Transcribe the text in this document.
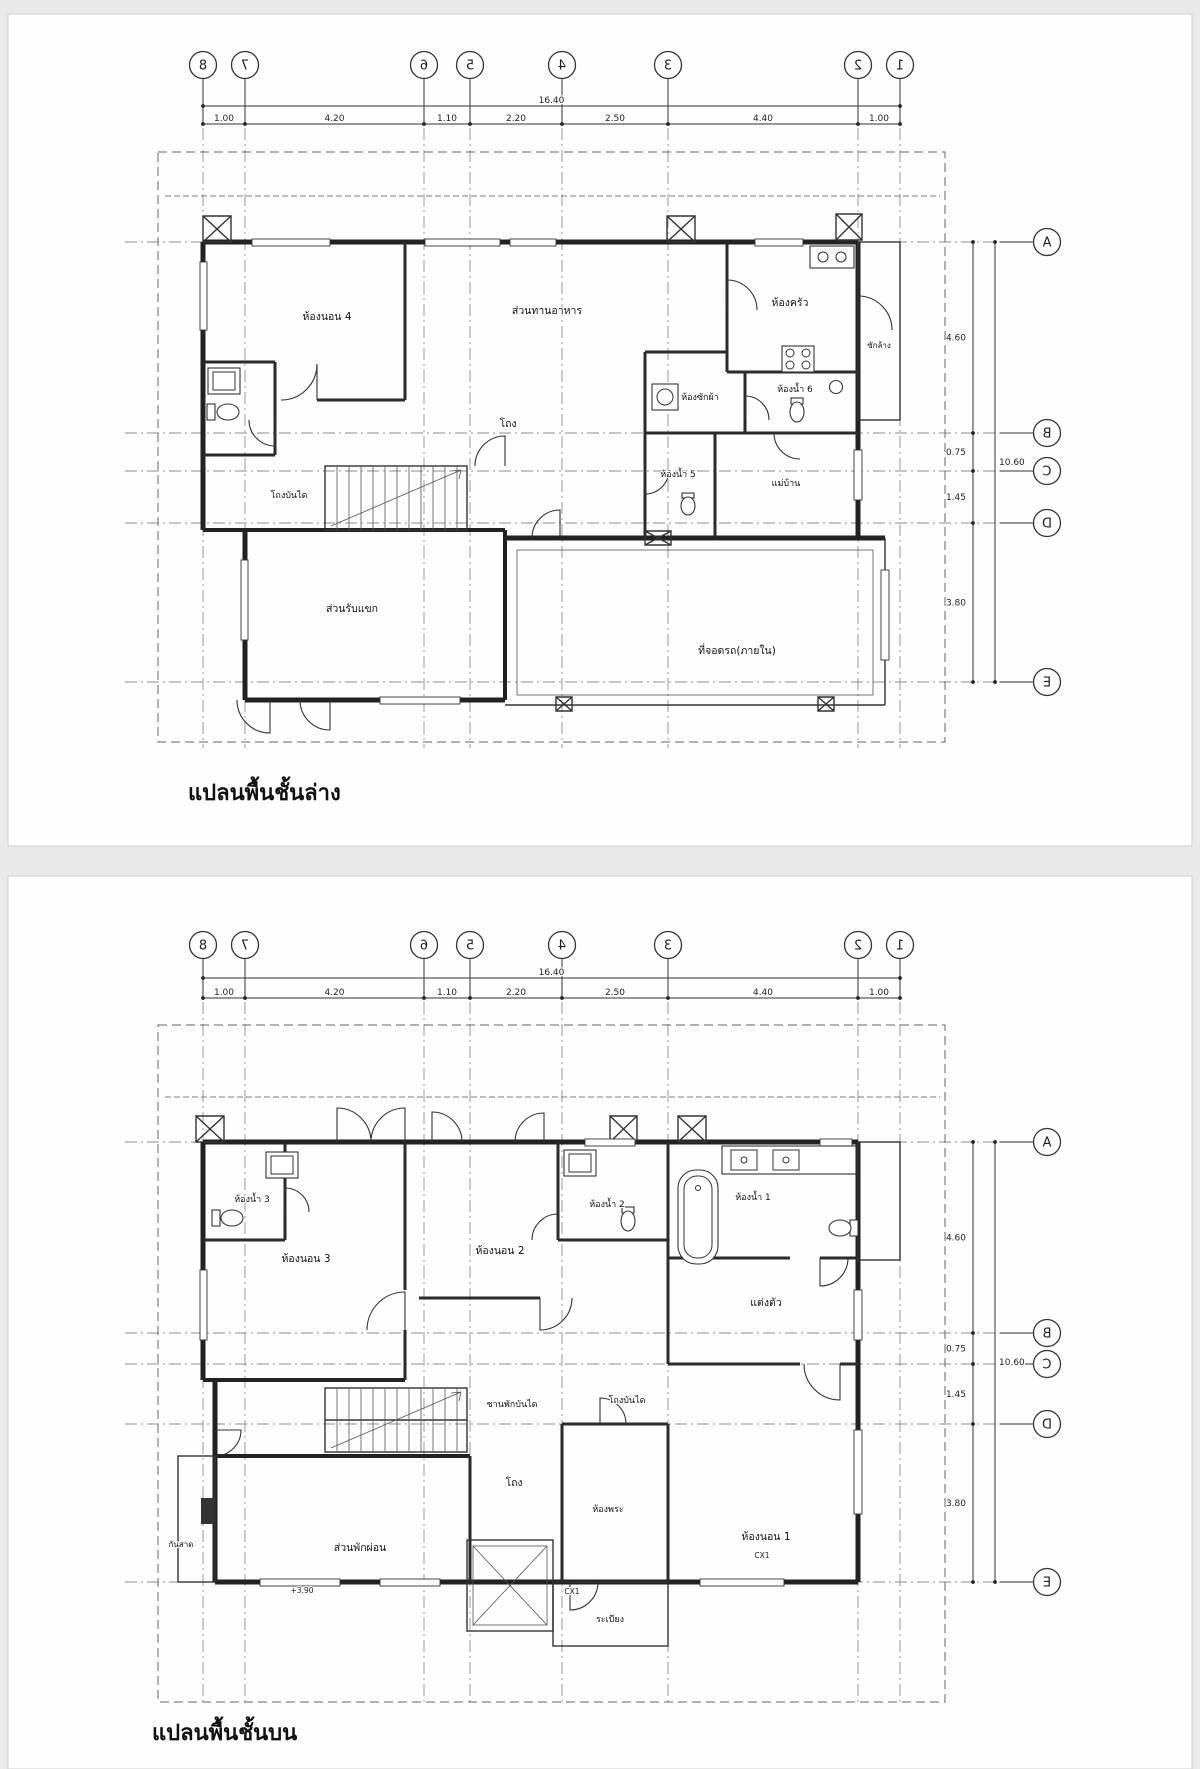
8	7	6	5	4	3	2	1
16.40
1.00	4.20	1.10	2.20	2.50	4.40	1.00
A
B
C
D
E
4.60
0.75
1.45
3.80
10.60
ห้องนอน 4	ส่วนทานอาหาร
ห้องครัว
ซักล้าง
ห้องซักผ้า
ห้องน้ำ 6
โถง
ห้องน้ำ 5
แม่บ้าน
โถงบันได
ส่วนรับแขก
ที่จอดรถ(ภายใน)
แปลนพื้นชั้นล่าง
8	7	6	5	4	3	2	1
16.40
1.00	4.20	1.10	2.20	2.50	4.40	1.00
A
B
C
D
E
4.60
0.75
1.45
3.80
10.60
ห้องน้ำ 3
ห้องนอน 3
ห้องน้ำ 2
ห้องนอน 2
ห้องน้ำ 1
แต่งตัว
ชานพักบันได	โถงบันได
โถง
ห้องพระ
ห้องนอน 1
ส่วนพักผ่อน
ระเบียง
กันสาด
+3.90	CX1
CX1
แปลนพื้นชั้นบน
